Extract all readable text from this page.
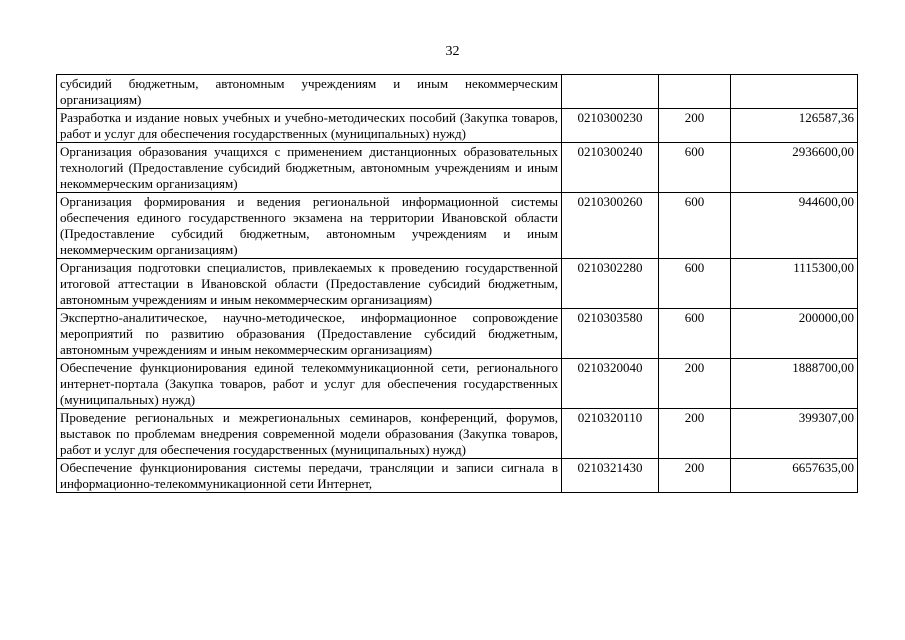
32
субсидий бюджетным, автономным учреждениям и иным некоммерческим организациям)			
Разработка и издание новых учебных и учебно-методических пособий (Закупка товаров, работ и услуг для обеспечения государственных (муниципальных) нужд)	0210300230	200	126587,36
Организация образования учащихся с применением дистанционных образовательных технологий (Предоставление субсидий бюджетным, автономным учреждениям и иным некоммерческим организациям)	0210300240	600	2936600,00
Организация формирования и ведения региональной информационной системы обеспечения единого государственного экзамена на территории Ивановской области (Предоставление субсидий бюджетным, автономным учреждениям и иным некоммерческим организациям)	0210300260	600	944600,00
Организация подготовки специалистов, привлекаемых к проведению государственной итоговой аттестации в Ивановской области (Предоставление субсидий бюджетным, автономным учреждениям и иным некоммерческим организациям)	0210302280	600	1115300,00
Экспертно-аналитическое, научно-методическое, информационное сопровождение мероприятий по развитию образования (Предоставление субсидий бюджетным, автономным учреждениям и иным некоммерческим организациям)	0210303580	600	200000,00
Обеспечение функционирования единой телекоммуникационной сети, регионального интернет-портала (Закупка товаров, работ и услуг для обеспечения государственных (муниципальных) нужд)	0210320040	200	1888700,00
Проведение региональных и межрегиональных семинаров, конференций, форумов, выставок по проблемам внедрения современной модели образования (Закупка товаров, работ и услуг для обеспечения государственных (муниципальных) нужд)	0210320110	200	399307,00
Обеспечение функционирования системы передачи, трансляции и записи сигнала в информационно-телекоммуникационной сети Интернет,	0210321430	200	6657635,00
